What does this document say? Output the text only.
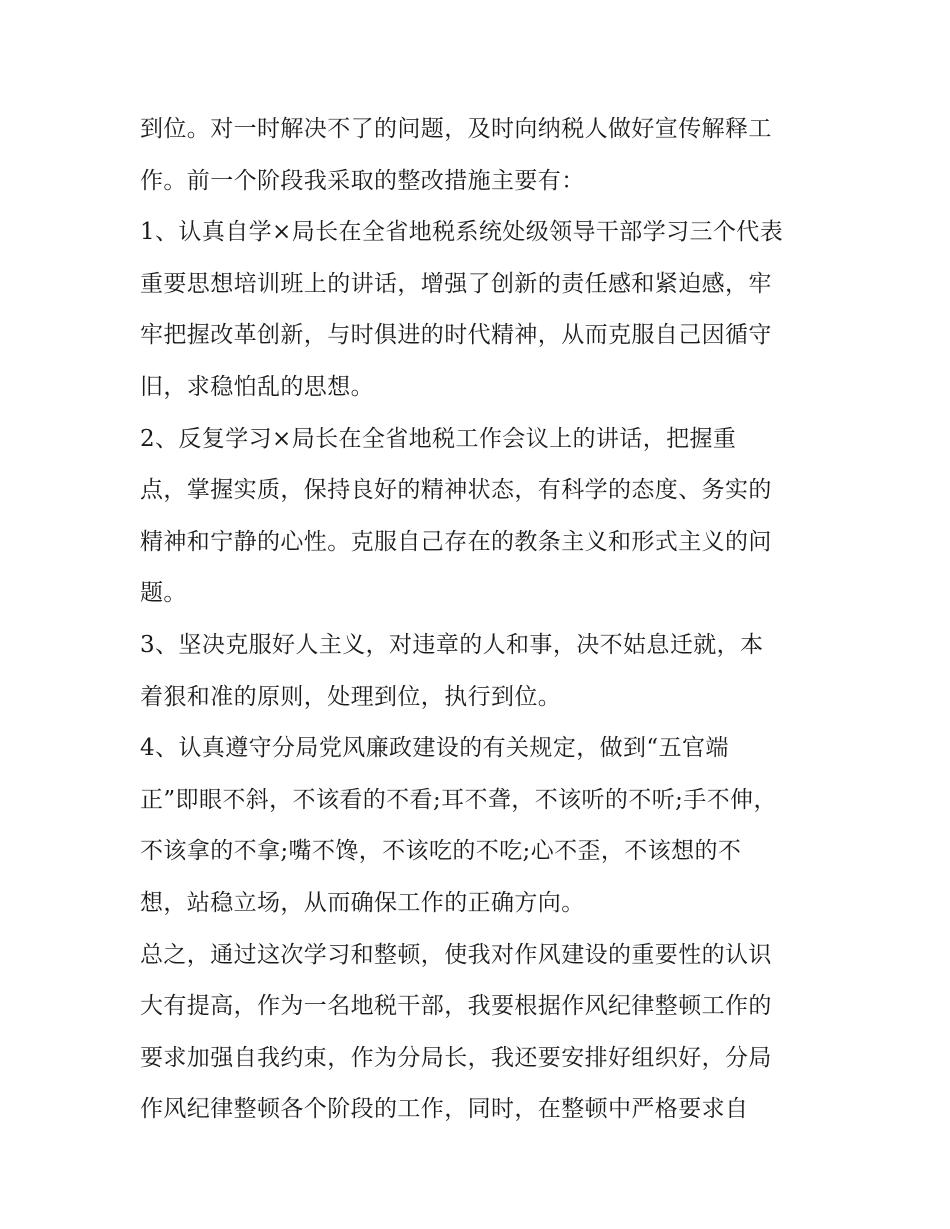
到位。对一时解决不了的问题，及时向纳税人做好宣传解释工
作。前一个阶段我采取的整改措施主要有：
1、认真自学×局长在全省地税系统处级领导干部学习三个代表
重要思想培训班上的讲话，增强了创新的责任感和紧迫感，牢
牢把握改革创新，与时俱进的时代精神，从而克服自己因循守
旧，求稳怕乱的思想。
2、反复学习×局长在全省地税工作会议上的讲话，把握重
点，掌握实质，保持良好的精神状态，有科学的态度、务实的
精神和宁静的心性。克服自己存在的教条主义和形式主义的问
题。
3、坚决克服好人主义，对违章的人和事，决不姑息迁就，本
着狠和准的原则，处理到位，执行到位。
4、认真遵守分局党风廉政建设的有关规定，做到“五官端
正”即眼不斜，不该看的不看;耳不聋，不该听的不听;手不伸，
不该拿的不拿;嘴不馋，不该吃的不吃;心不歪，不该想的不
想，站稳立场，从而确保工作的正确方向。
总之，通过这次学习和整顿，使我对作风建设的重要性的认识
大有提高，作为一名地税干部，我要根据作风纪律整顿工作的
要求加强自我约束，作为分局长，我还要安排好组织好，分局
作风纪律整顿各个阶段的工作，同时，在整顿中严格要求自
